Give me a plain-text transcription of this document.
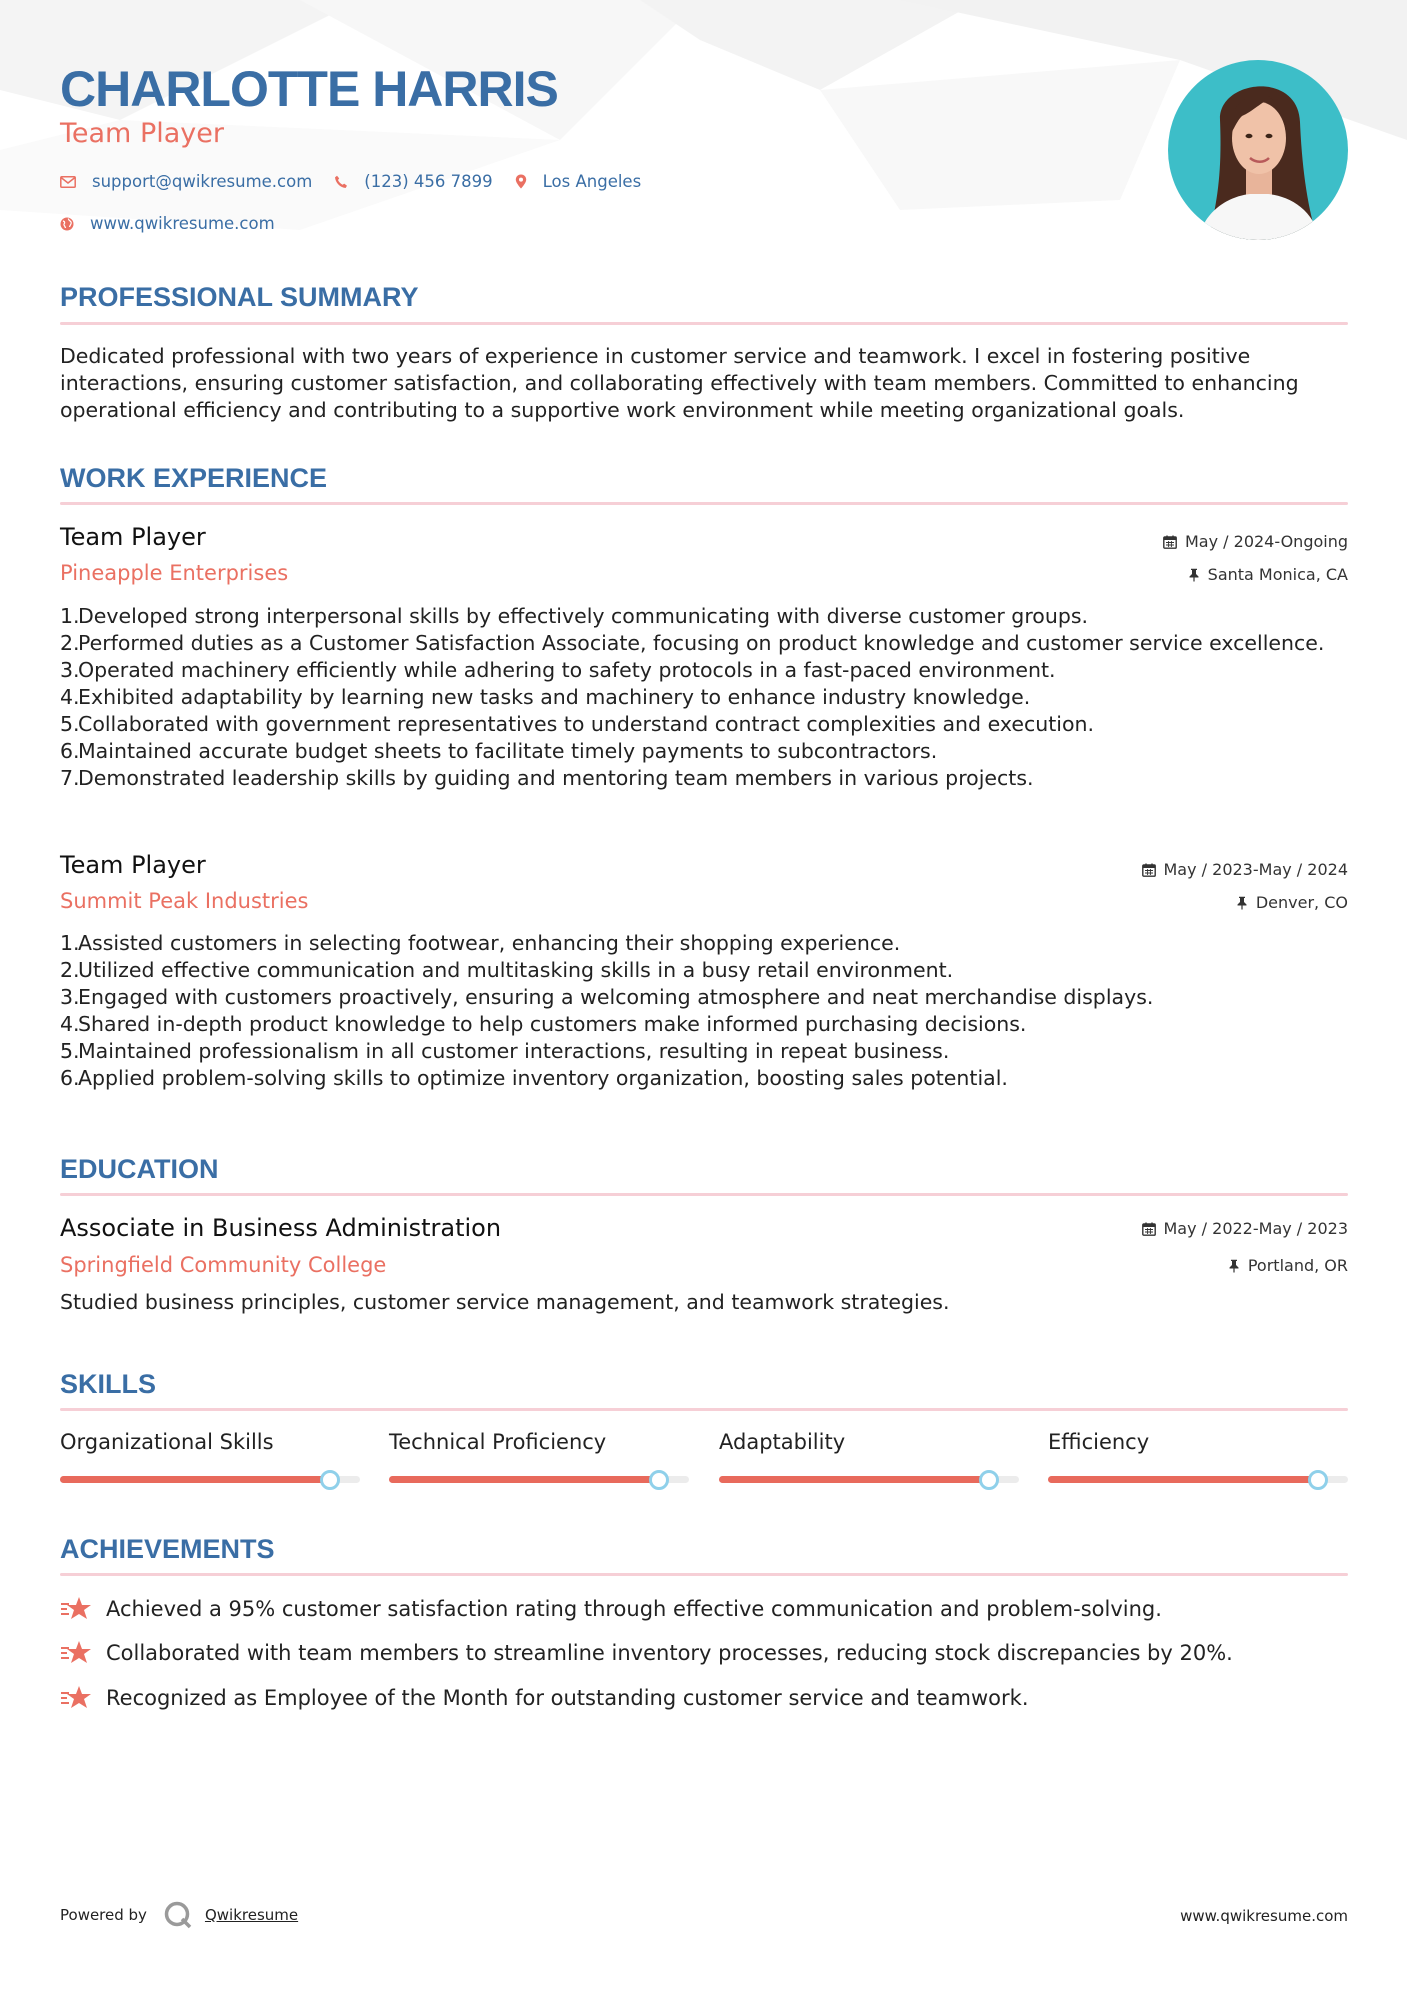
CHARLOTTE HARRIS
Team Player
support@qwikresume.com	(123) 456 7899	Los Angeles
www.qwikresume.com
PROFESSIONAL SUMMARY

Dedicated professional with two years of experience in customer service and teamwork. I excel in fostering positive interactions, ensuring customer satisfaction, and collaborating effectively with team members. Committed to enhancing operational efficiency and contributing to a supportive work environment while meeting organizational goals.

WORK EXPERIENCE
Team Player
Pineapple Enterprises
May / 2024-Ongoing
Santa Monica, CA
1.
Developed strong interpersonal skills by effectively communicating with diverse customer groups.
2.
Performed duties as a Customer Satisfaction Associate, focusing on product knowledge and customer service excellence.
3.
Operated machinery efficiently while adhering to safety protocols in a fast-paced environment.
4.
Exhibited adaptability by learning new tasks and machinery to enhance industry knowledge.
5.
Collaborated with government representatives to understand contract complexities and execution.
6.
Maintained accurate budget sheets to facilitate timely payments to subcontractors.
7.
Demonstrated leadership skills by guiding and mentoring team members in various projects.
Team Player
Summit Peak Industries
May / 2023-May / 2024
Denver, CO
1.
Assisted customers in selecting footwear, enhancing their shopping experience.
2.
Utilized effective communication and multitasking skills in a busy retail environment.
3.
Engaged with customers proactively, ensuring a welcoming atmosphere and neat merchandise displays.
4.
Shared in-depth product knowledge to help customers make informed purchasing decisions.
5.
Maintained professionalism in all customer interactions, resulting in repeat business.
6.
Applied problem-solving skills to optimize inventory organization, boosting sales potential.
EDUCATION
Associate in Business Administration
Springfield Community College
May / 2022-May / 2023
Portland, OR

Studied business principles, customer service management, and teamwork strategies.

SKILLS
Organizational Skills	Technical Proficiency	Adaptability	Efficiency
ACHIEVEMENTS
Achieved a 95% customer satisfaction rating through effective communication and problem-solving.
Collaborated with team members to streamline inventory processes, reducing stock discrepancies by 20%.
Recognized as Employee of the Month for outstanding customer service and teamwork.
Powered by	Qwikresume	www.qwikresume.com
